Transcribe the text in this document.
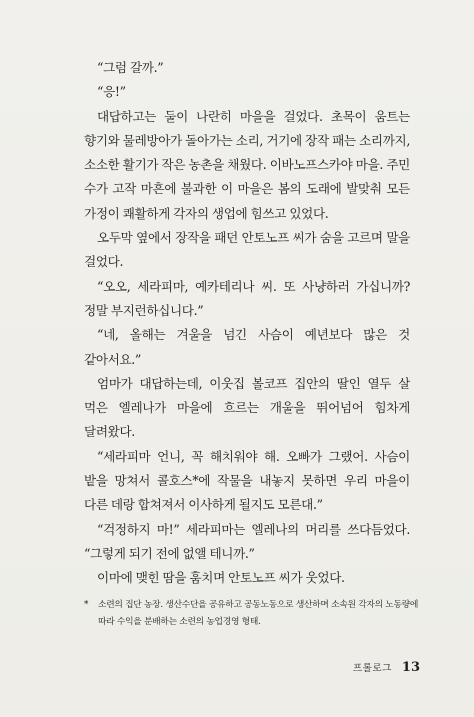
“그럼 갈까.”

“응!”

대답하고는 둘이 나란히 마을을 걸었다. 초목이 움트는 향기와 물레방아가 돌아가는 소리, 거기에 장작 패는 소리까지, 소소한 활기가 작은 농촌을 채웠다. 이바노프스카야 마을. 주민 수가 고작 마흔에 불과한 이 마을은 봄의 도래에 발맞춰 모든 가정이 쾌활하게 각자의 생업에 힘쓰고 있었다.

오두막 옆에서 장작을 패던 안토노프 씨가 숨을 고르며 말을 걸었다.

“오오, 세라피마, 예카테리나 씨. 또 사냥하러 가십니까? 정말 부지런하십니다.”

“네, 올해는 겨울을 넘긴 사슴이 예년보다 많은 것 같아서요.”

엄마가 대답하는데, 이웃집 볼코프 집안의 딸인 열두 살 먹은 엘레나가 마을에 흐르는 개울을 뛰어넘어 힘차게 달려왔다.

“세라피마 언니, 꼭 해치워야 해. 오빠가 그랬어. 사슴이 밭을 망쳐서 콜호스*에 작물을 내놓지 못하면 우리 마을이 다른 데랑 합쳐져서 이사하게 될지도 모른대.”

“걱정하지 마!” 세라피마는 엘레나의 머리를 쓰다듬었다. “그렇게 되기 전에 없앨 테니까.”

이마에 맺힌 땀을 훔치며 안토노프 씨가 웃었다.

*	소련의 집단 농장. 생산수단을 공유하고 공동노동으로 생산하며 소속원 각자의 노동량에 따라 수익을 분배하는 소련의 농업경영 형태.
프롤로그 13
